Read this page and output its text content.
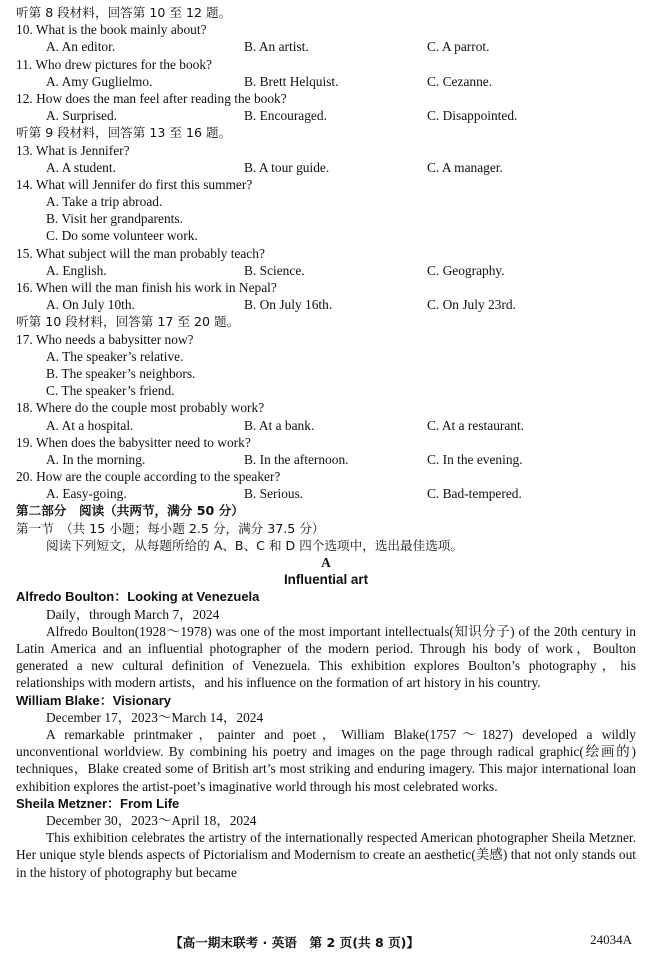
听第 8 段材料，回答第 10 至 12 题。
10. What is the book mainly about?
A. An editor.	B. An artist.	C. A parrot.
11. Who drew pictures for the book?
A. Amy Guglielmo.	B. Brett Helquist.	C. Cezanne.
12. How does the man feel after reading the book?
A. Surprised.	B. Encouraged.	C. Disappointed.
听第 9 段材料，回答第 13 至 16 题。
13. What is Jennifer?
A. A student.	B. A tour guide.	C. A manager.
14. What will Jennifer do first this summer?
A. Take a trip abroad.
B. Visit her grandparents.
C. Do some volunteer work.
15. What subject will the man probably teach?
A. English.	B. Science.	C. Geography.
16. When will the man finish his work in Nepal?
A. On July 10th.	B. On July 16th.	C. On July 23rd.
听第 10 段材料，回答第 17 至 20 题。
17. Who needs a babysitter now?
A. The speaker’s relative.
B. The speaker’s neighbors.
C. The speaker’s friend.
18. Where do the couple most probably work?
A. At a hospital.	B. At a bank.	C. At a restaurant.
19. When does the babysitter need to work?
A. In the morning.	B. In the afternoon.	C. In the evening.
20. How are the couple according to the speaker?
A. Easy-going.	B. Serious.	C. Bad-tempered.
第二部分　阅读（共两节，满分 50 分）
第一节　（共 15 小题；每小题 2.5 分，满分 37.5 分）
阅读下列短文，从每题所给的 A、B、C 和 D 四个选项中，选出最佳选项。
A
Influential art
Alfredo Boulton：Looking at Venezuela
Daily，through March 7，2024
Alfredo Boulton(1928～1978) was one of the most important intellectuals(知识分子) of the 20th century in Latin America and an influential photographer of the modern period. Through his body of work，Boulton generated a new cultural definition of Venezuela. This exhibition explores Boulton’s photography，his relationships with modern artists，and his influence on the formation of art history in his country.
William Blake：Visionary
December 17，2023～March 14，2024
A remarkable printmaker，painter and poet，William Blake(1757～1827) developed a wildly unconventional worldview. By combining his poetry and images on the page through radical graphic(绘画的) techniques，Blake created some of British art’s most striking and enduring imagery. This major international loan exhibition explores the artist-poet’s imaginative world through his most celebrated works.
Sheila Metzner：From Life
December 30，2023～April 18，2024
This exhibition celebrates the artistry of the internationally respected American photographer Sheila Metzner. Her unique style blends aspects of Pictorialism and Modernism to create an aesthetic(美感) that not only stands out in the history of photography but became
【高一期末联考 · 英语　第 2 页(共 8 页)】	24034A
